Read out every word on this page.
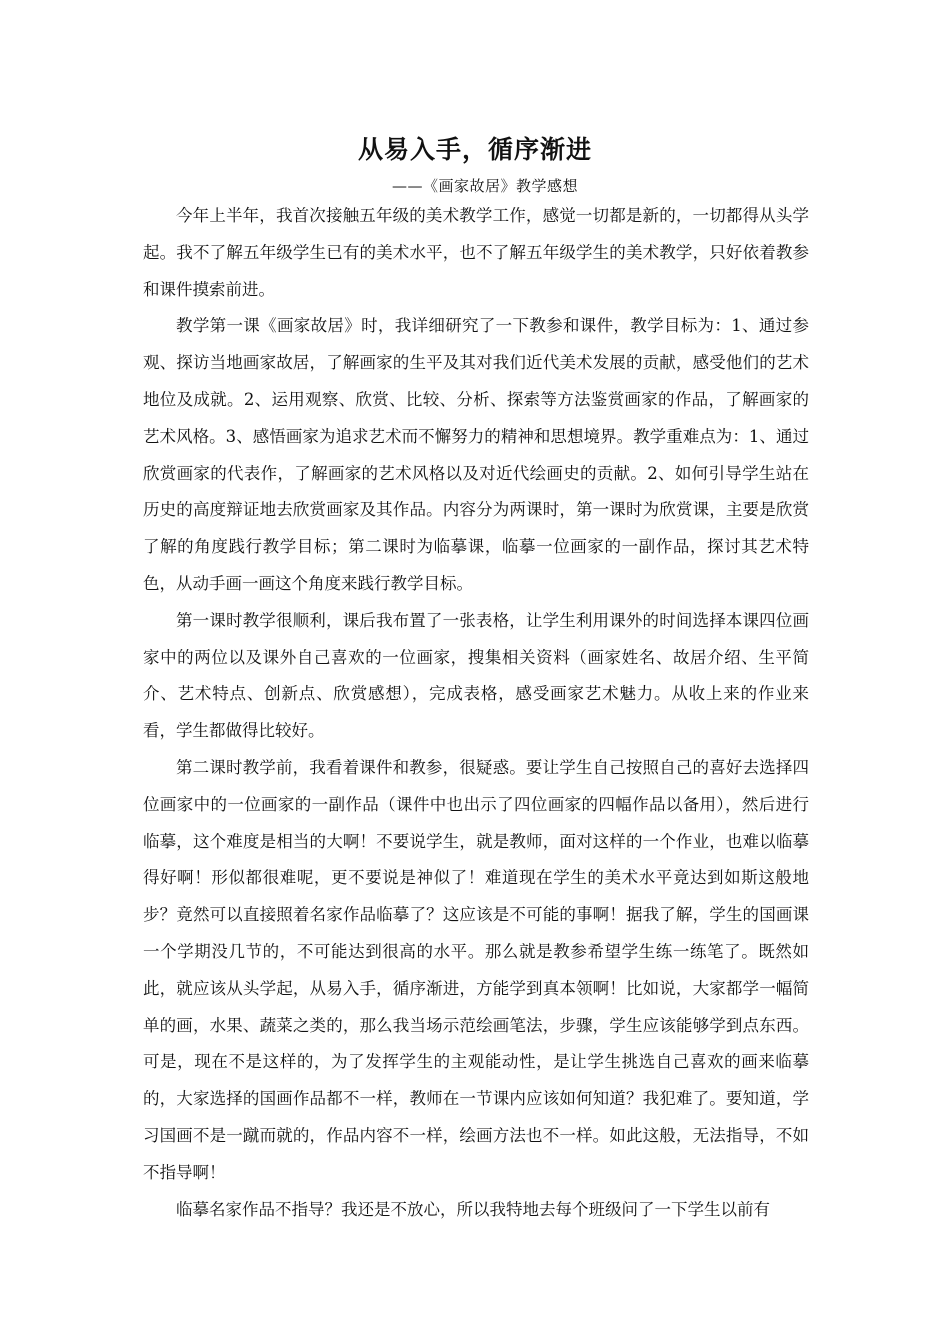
从易入手，循序渐进
——《画家故居》教学感想

今年上半年，我首次接触五年级的美术教学工作，感觉一切都是新的，一切都得从头学起。我不了解五年级学生已有的美术水平，也不了解五年级学生的美术教学，只好依着教参和课件摸索前进。

教学第一课《画家故居》时，我详细研究了一下教参和课件，教学目标为：1、通过参观、探访当地画家故居，了解画家的生平及其对我们近代美术发展的贡献，感受他们的艺术地位及成就。2、运用观察、欣赏、比较、分析、探索等方法鉴赏画家的作品，了解画家的艺术风格。3、感悟画家为追求艺术而不懈努力的精神和思想境界。教学重难点为：1、通过欣赏画家的代表作，了解画家的艺术风格以及对近代绘画史的贡献。2、如何引导学生站在历史的高度辩证地去欣赏画家及其作品。内容分为两课时，第一课时为欣赏课，主要是欣赏了解的角度践行教学目标；第二课时为临摹课，临摹一位画家的一副作品，探讨其艺术特色，从动手画一画这个角度来践行教学目标。

第一课时教学很顺利，课后我布置了一张表格，让学生利用课外的时间选择本课四位画家中的两位以及课外自己喜欢的一位画家，搜集相关资料（画家姓名、故居介绍、生平简介、艺术特点、创新点、欣赏感想），完成表格，感受画家艺术魅力。从收上来的作业来看，学生都做得比较好。

第二课时教学前，我看着课件和教参，很疑惑。要让学生自己按照自己的喜好去选择四位画家中的一位画家的一副作品（课件中也出示了四位画家的四幅作品以备用），然后进行临摹，这个难度是相当的大啊！不要说学生，就是教师，面对这样的一个作业，也难以临摹得好啊！形似都很难呢，更不要说是神似了！难道现在学生的美术水平竟达到如斯这般地步？竟然可以直接照着名家作品临摹了？这应该是不可能的事啊！据我了解，学生的国画课一个学期没几节的，不可能达到很高的水平。那么就是教参希望学生练一练笔了。既然如此，就应该从头学起，从易入手，循序渐进，方能学到真本领啊！比如说，大家都学一幅简单的画，水果、蔬菜之类的，那么我当场示范绘画笔法，步骤，学生应该能够学到点东西。可是，现在不是这样的，为了发挥学生的主观能动性，是让学生挑选自己喜欢的画来临摹的，大家选择的国画作品都不一样，教师在一节课内应该如何知道？我犯难了。要知道，学习国画不是一蹴而就的，作品内容不一样，绘画方法也不一样。如此这般，无法指导，不如不指导啊！

临摹名家作品不指导？我还是不放心，所以我特地去每个班级问了一下学生以前有
